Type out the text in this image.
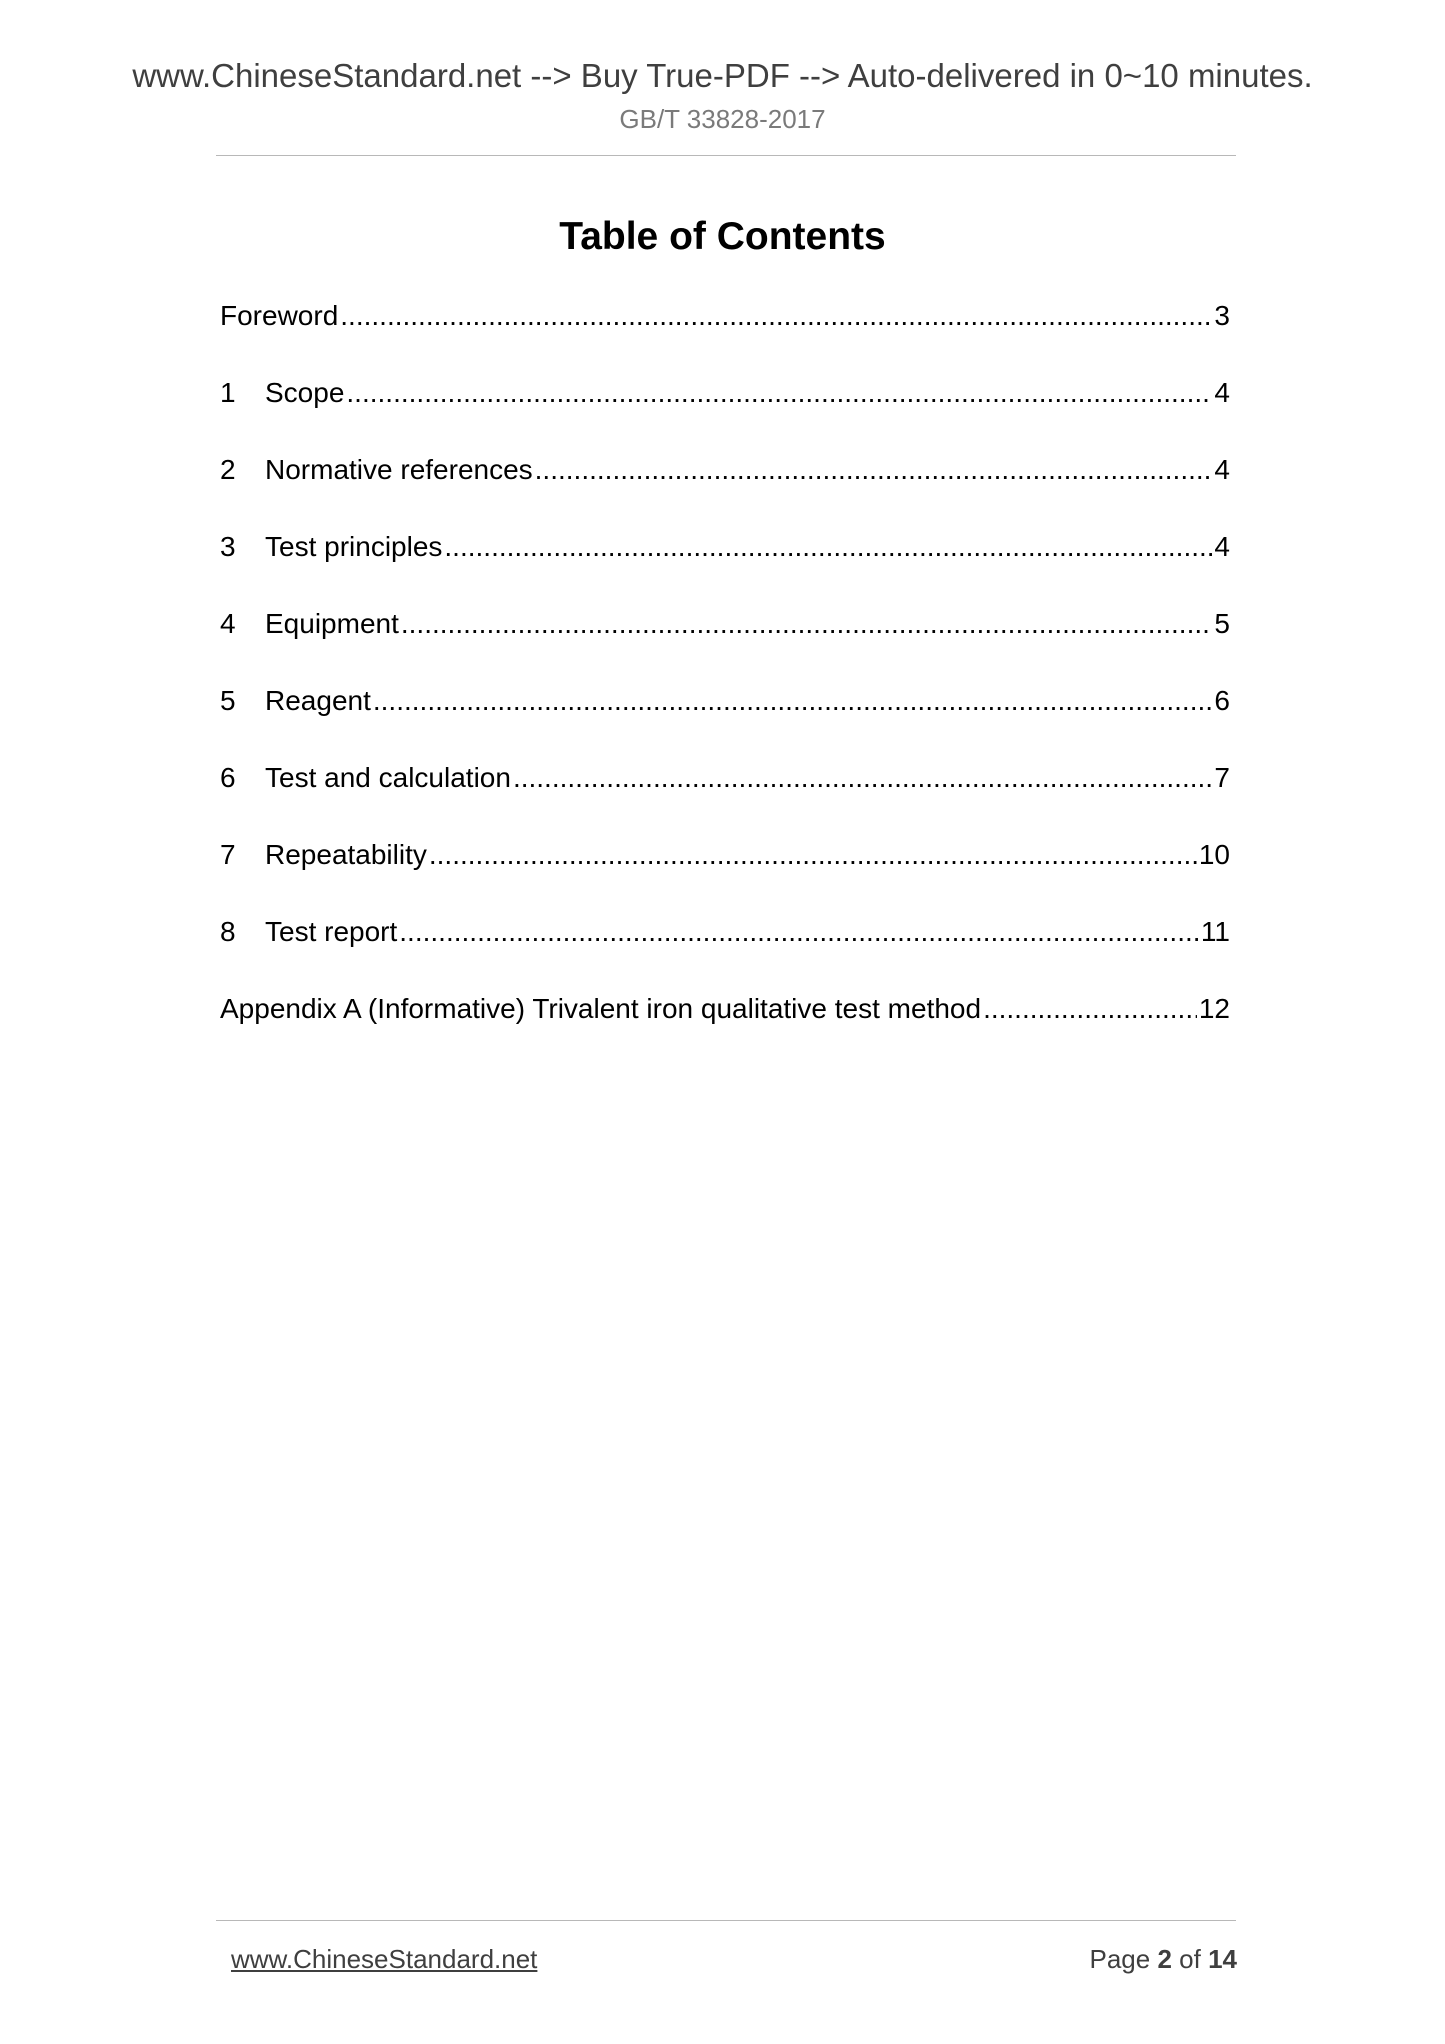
www.ChineseStandard.net --> Buy True-PDF --> Auto-delivered in 0~10 minutes.
GB/T 33828-2017
Table of Contents
Foreword .....	3
1	Scope .....	4
2	Normative references .....	4
3	Test principles .....	4
4	Equipment .....	5
5	Reagent .....	6
6	Test and calculation .....	7
7	Repeatability .....	10
8	Test report .....	11
Appendix A (Informative) Trivalent iron qualitative test method .....	12
www.ChineseStandard.net	Page 2 of 14
